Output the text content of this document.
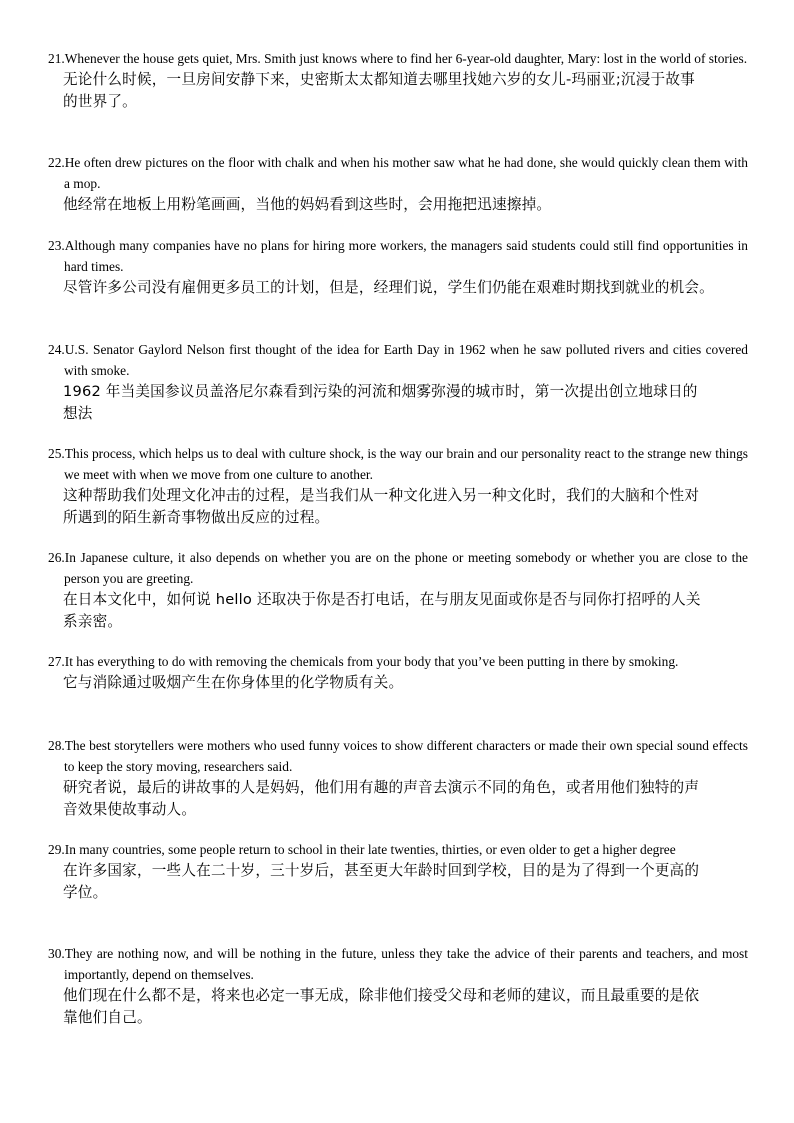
21.Whenever the house gets quiet, Mrs. Smith just knows where to find her 6-year-old daughter, Mary: lost in the world of stories.

无论什么时候，一旦房间安静下来，史密斯太太都知道去哪里找她六岁的女儿-玛丽亚;沉浸于故事
的世界了。

22.He often drew pictures on the floor with chalk and when his mother saw what he had done, she would quickly clean them with a mop.

他经常在地板上用粉笔画画，当他的妈妈看到这些时，会用拖把迅速擦掉。

23.Although many companies have no plans for hiring more workers, the managers said students could still find opportunities in hard times.

尽管许多公司没有雇佣更多员工的计划，但是，经理们说，学生们仍能在艰难时期找到就业的机会。

24.U.S. Senator Gaylord Nelson first thought of the idea for Earth Day in 1962 when he saw polluted rivers and cities covered with smoke.

1962 年当美国参议员盖洛尼尔森看到污染的河流和烟雾弥漫的城市时，第一次提出创立地球日的
想法

25.This process, which helps us to deal with culture shock, is the way our brain and our personality react to the strange new things we meet with when we move from one culture to another.

这种帮助我们处理文化冲击的过程，是当我们从一种文化进入另一种文化时，我们的大脑和个性对
所遇到的陌生新奇事物做出反应的过程。

26.In Japanese culture, it also depends on whether you are on the phone or meeting somebody or whether you are close to the person you are greeting.

在日本文化中，如何说 hello 还取决于你是否打电话，在与朋友见面或你是否与同你打招呼的人关
系亲密。

27.It has everything to do with removing the chemicals from your body that you’ve been putting in there by smoking.

它与消除通过吸烟产生在你身体里的化学物质有关。

28.The best storytellers were mothers who used funny voices to show different characters or made their own special sound effects to keep the story moving, researchers said.

研究者说，最后的讲故事的人是妈妈，他们用有趣的声音去演示不同的角色，或者用他们独特的声
音效果使故事动人。

29.In many countries, some people return to school in their late twenties, thirties, or even older to get a higher degree

在许多国家，一些人在二十岁，三十岁后，甚至更大年龄时回到学校，目的是为了得到一个更高的
学位。

30.They are nothing now, and will be nothing in the future, unless they take the advice of their parents and teachers, and most importantly, depend on themselves.

他们现在什么都不是，将来也必定一事无成，除非他们接受父母和老师的建议，而且最重要的是依
靠他们自己。
